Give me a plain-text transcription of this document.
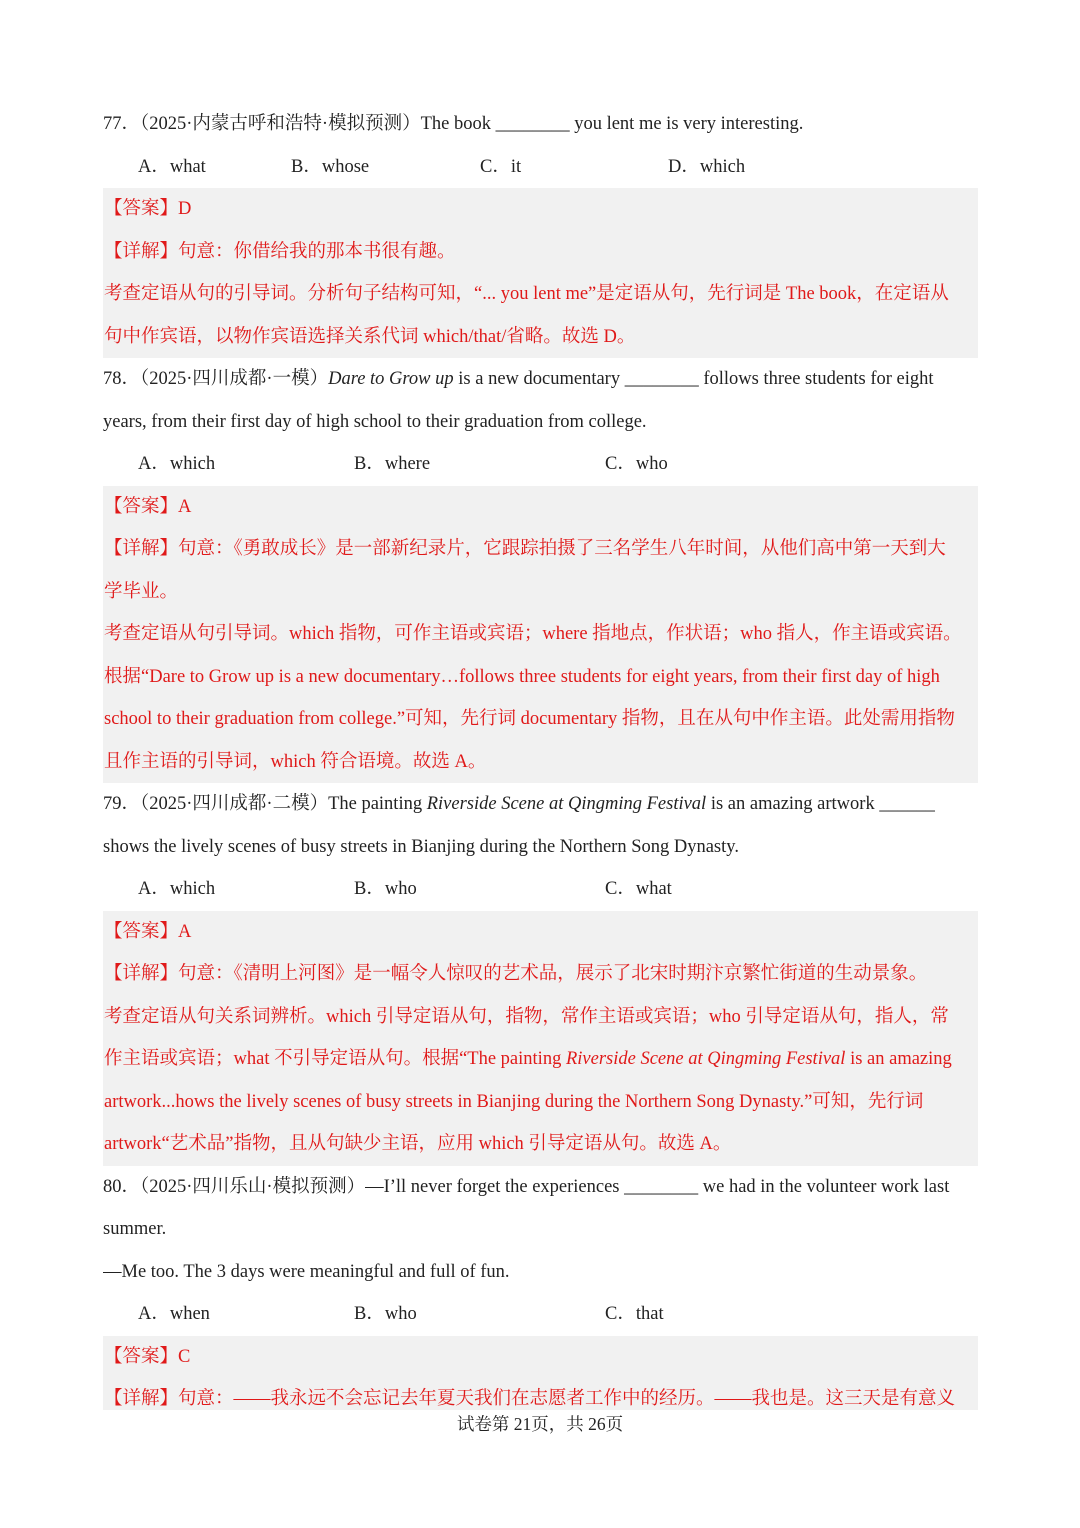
77．（2025·内蒙古呼和浩特·模拟预测）The book ________ you lent me is very interesting.
A．what	B．whose	C．it	D．which
【答案】D
【详解】句意：你借给我的那本书很有趣。
考查定语从句的引导词。分析句子结构可知，“... you lent me”是定语从句，先行词是 The book，在定语从
句中作宾语，以物作宾语选择关系代词 which/that/省略。故选 D。
78．（2025·四川成都·一模）Dare to Grow up is a new documentary ________ follows three students for eight
years, from their first day of high school to their graduation from college.
A．which	B．where	C．who
【答案】A
【详解】句意：《勇敢成长》是一部新纪录片，它跟踪拍摄了三名学生八年时间，从他们高中第一天到大
学毕业。
考查定语从句引导词。which 指物，可作主语或宾语；where 指地点，作状语；who 指人，作主语或宾语。
根据“Dare to Grow up is a new documentary…follows three students for eight years, from their first day of high
school to their graduation from college.”可知，先行词 documentary 指物，且在从句中作主语。此处需用指物
且作主语的引导词，which 符合语境。故选 A。
79．（2025·四川成都·二模）The painting Riverside Scene at Qingming Festival is an amazing artwork ______
shows the lively scenes of busy streets in Bianjing during the Northern Song Dynasty.
A．which	B．who	C．what
【答案】A
【详解】句意：《清明上河图》是一幅令人惊叹的艺术品，展示了北宋时期汴京繁忙街道的生动景象。
考查定语从句关系词辨析。which 引导定语从句，指物，常作主语或宾语；who 引导定语从句，指人，常
作主语或宾语；what 不引导定语从句。根据“The painting Riverside Scene at Qingming Festival is an amazing
artwork...hows the lively scenes of busy streets in Bianjing during the Northern Song Dynasty.”可知，先行词
artwork“艺术品”指物，且从句缺少主语，应用 which 引导定语从句。故选 A。
80．（2025·四川乐山·模拟预测）—I’ll never forget the experiences ________ we had in the volunteer work last
summer.
—Me too. The 3 days were meaningful and full of fun.
A．when	B．who	C．that
【答案】C
【详解】句意：——我永远不会忘记去年夏天我们在志愿者工作中的经历。——我也是。这三天是有意义
试卷第 21页，共 26页
